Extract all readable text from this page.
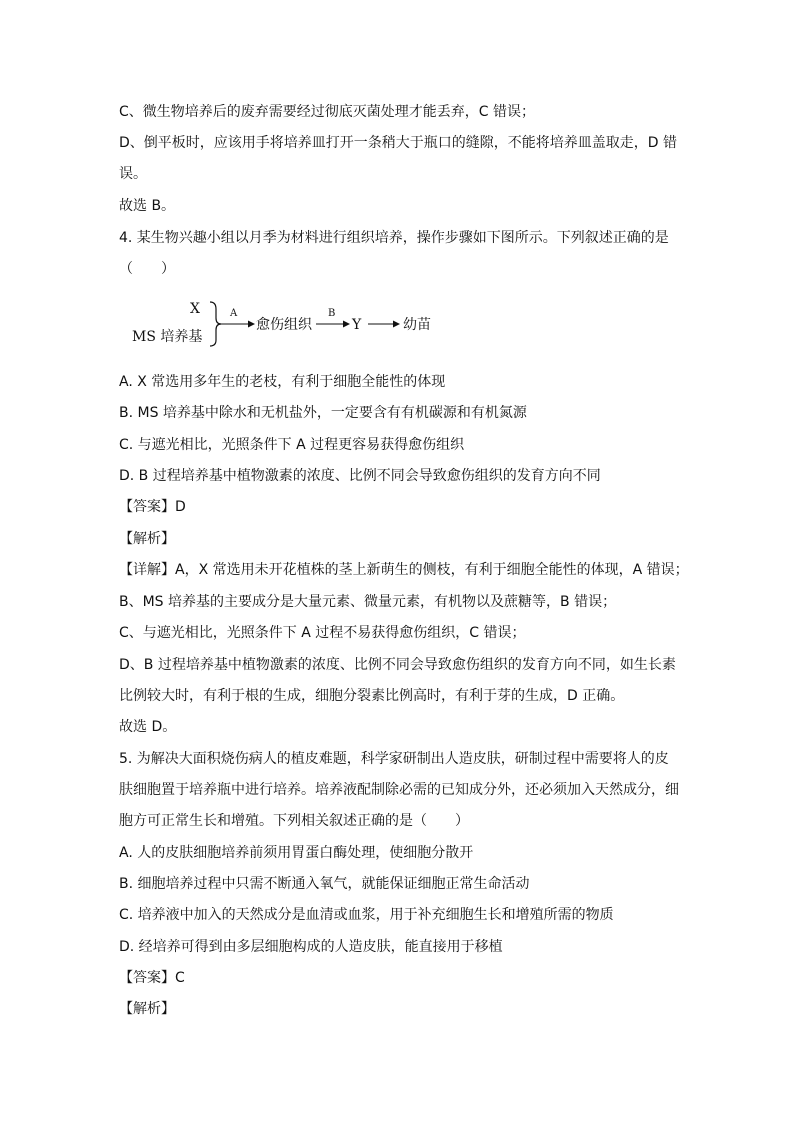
C、微生物培养后的废弃需要经过彻底灭菌处理才能丢弃，C 错误；
D、倒平板时，应该用手将培养皿打开一条稍大于瓶口的缝隙，不能将培养皿盖取走，D 错
误。
故选 B。
4. 某生物兴趣小组以月季为材料进行组织培养，操作步骤如下图所示。下列叙述正确的是
（　　）
X
MS 培养基
A
愈伤组织
B
Y	幼苗
A. X 常选用多年生的老枝，有利于细胞全能性的体现
B. MS 培养基中除水和无机盐外，一定要含有有机碳源和有机氮源
C. 与遮光相比，光照条件下 A 过程更容易获得愈伤组织
D. B 过程培养基中植物激素的浓度、比例不同会导致愈伤组织的发育方向不同
【答案】D
【解析】
【详解】A，X 常选用未开花植株的茎上新萌生的侧枝，有利于细胞全能性的体现，A 错误；
B、MS 培养基的主要成分是大量元素、微量元素，有机物以及蔗糖等，B 错误；
C、与遮光相比，光照条件下 A 过程不易获得愈伤组织，C 错误；
D、B 过程培养基中植物激素的浓度、比例不同会导致愈伤组织的发育方向不同，如生长素
比例较大时，有利于根的生成，细胞分裂素比例高时，有利于芽的生成，D 正确。
故选 D。
5. 为解决大面积烧伤病人的植皮难题，科学家研制出人造皮肤，研制过程中需要将人的皮
肤细胞置于培养瓶中进行培养。培养液配制除必需的已知成分外，还必须加入天然成分，细
胞方可正常生长和增殖。下列相关叙述正确的是（　　）
A. 人的皮肤细胞培养前须用胃蛋白酶处理，使细胞分散开
B. 细胞培养过程中只需不断通入氧气，就能保证细胞正常生命活动
C. 培养液中加入的天然成分是血清或血浆，用于补充细胞生长和增殖所需的物质
D. 经培养可得到由多层细胞构成的人造皮肤，能直接用于移植
【答案】C
【解析】
